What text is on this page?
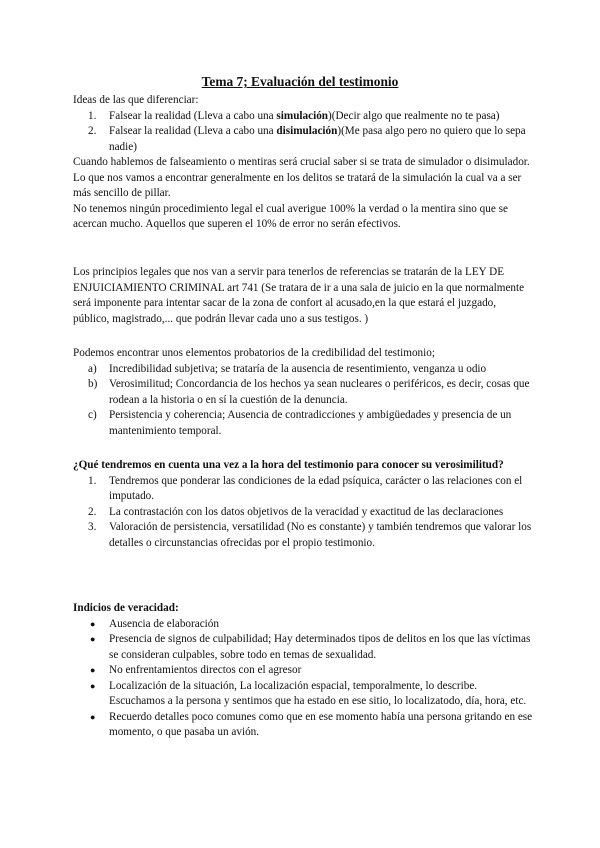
Tema 7; Evaluación del testimonio

Ideas de las que diferenciar:

1. Falsear la realidad (Lleva a cabo una simulación)(Decir algo que realmente no te pasa)
2. Falsear la realidad (Lleva a cabo una disimulación)(Me pasa algo pero no quiero que lo sepa nadie)

Cuando hablemos de falseamiento o mentiras será crucial saber si se trata de simulador o disimulador. Lo que nos vamos a encontrar generalmente en los delitos se tratará de la simulación la cual va a ser más sencillo de pillar.

No tenemos ningún procedimiento legal el cual averigue 100% la verdad o la mentira sino que se acercan mucho. Aquellos que superen el 10% de error no serán efectivos.

Los principios legales que nos van a servir para tenerlos de referencias se tratarán de la LEY DE ENJUICIAMIENTO CRIMINAL art 741 (Se tratara de ir a una sala de juicio en la que normalmente será imponente para intentar sacar de la zona de confort al acusado,en la que estará el juzgado, público, magistrado,... que podrán llevar cada uno a sus testigos. )

Podemos encontrar unos elementos probatorios de la credibilidad del testimonio;

a) Incredibilidad subjetiva; se trataría de la ausencia de resentimiento, venganza u odio
b) Verosimilitud; Concordancia de los hechos ya sean nucleares o periféricos, es decir, cosas que rodean a la historia o en sí la cuestión de la denuncia.
c) Persistencia y coherencia; Ausencia de contradicciones y ambigüedades y presencia de un mantenimiento temporal.

¿Qué tendremos en cuenta una vez a la hora del testimonio para conocer su verosimilitud?

1. Tendremos que ponderar las condiciones de la edad psíquica, carácter o las relaciones con el imputado.
2. La contrastación con los datos objetivos de la veracidad y exactitud de las declaraciones
3. Valoración de persistencia, versatilidad (No es constante) y también tendremos que valorar los detalles o circunstancias ofrecidas por el propio testimonio.

Indicios de veracidad:

● Ausencia de elaboración
● Presencia de signos de culpabilidad; Hay determinados tipos de delitos en los que las víctimas se consideran culpables, sobre todo en temas de sexualidad.
● No enfrentamientos directos con el agresor
● Localización de la situación, La localización espacial, temporalmente, lo describe. Escuchamos a la persona y sentimos que ha estado en ese sitio, lo localizatodo, día, hora, etc.
● Recuerdo detalles poco comunes como que en ese momento había una persona gritando en ese momento, o que pasaba un avión.
